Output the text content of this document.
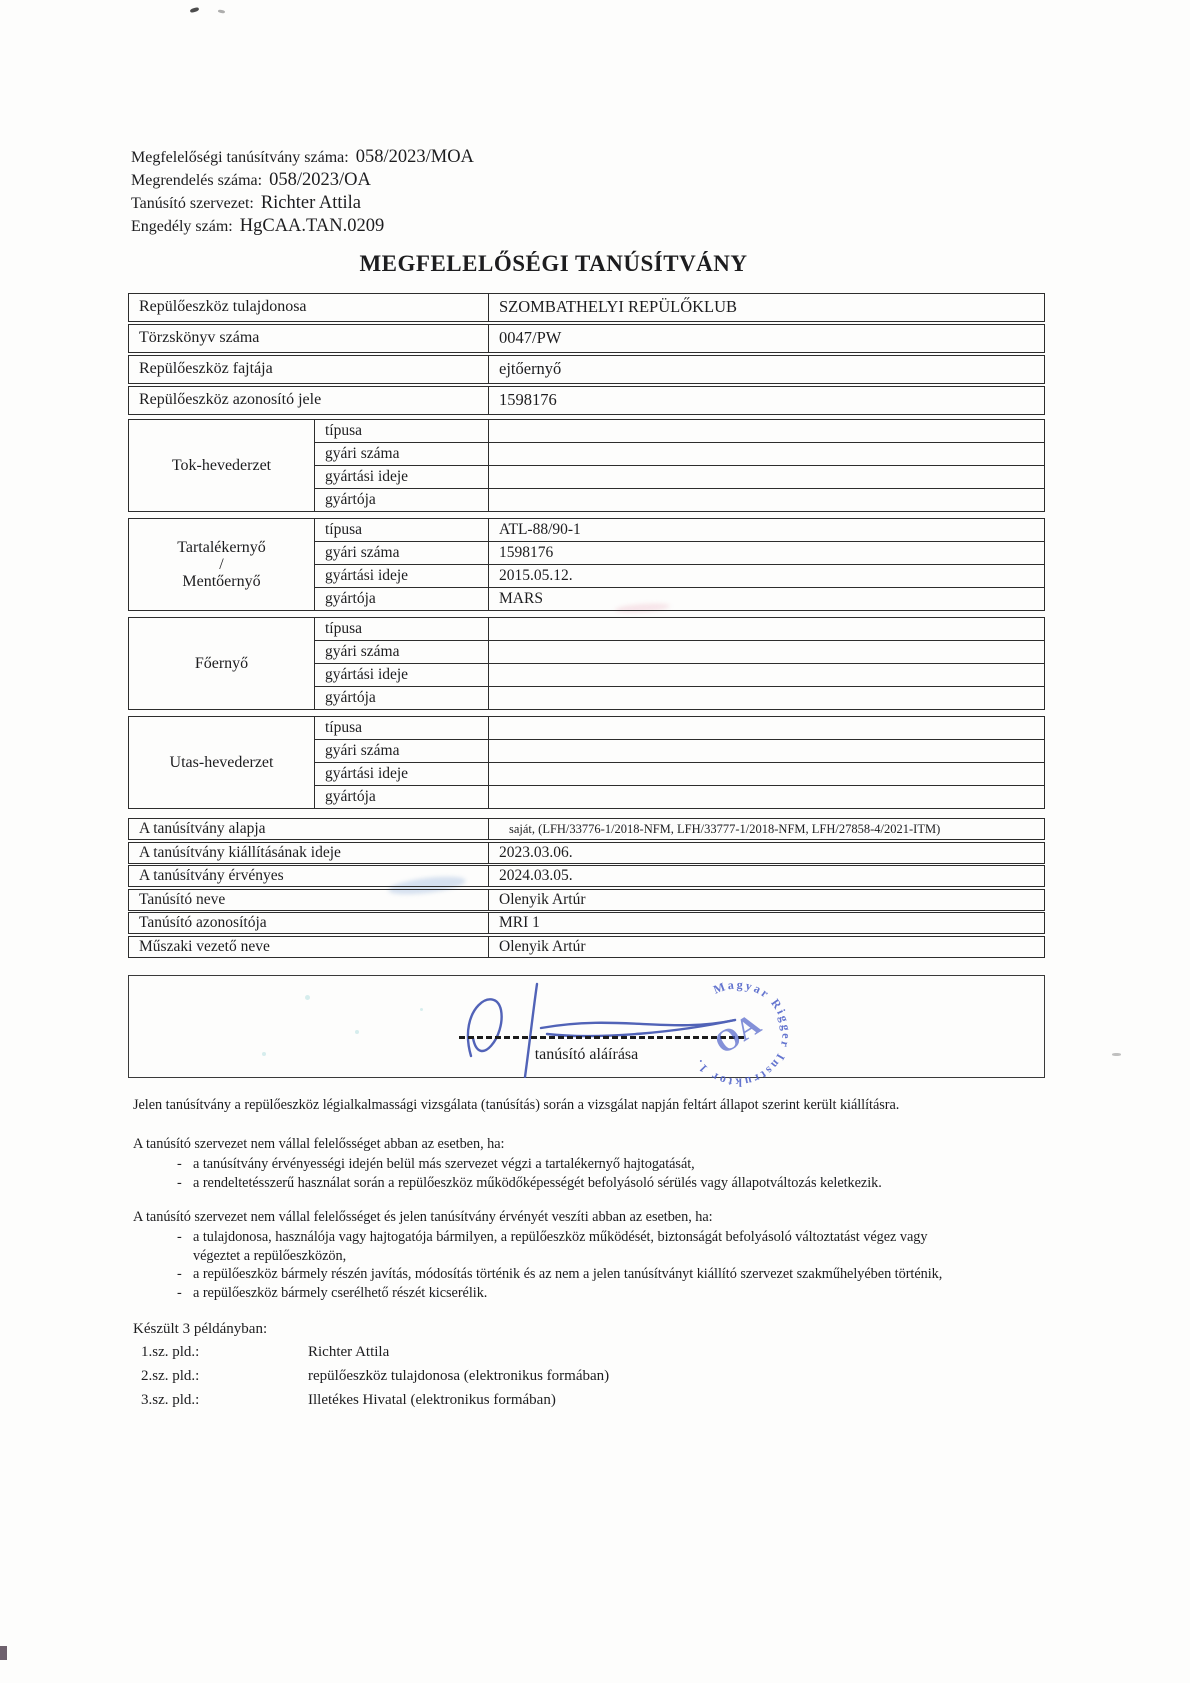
Megfelelőségi tanúsítvány száma: 058/2023/MOA
Megrendelés száma: 058/2023/OA
Tanúsító szervezet: Richter Attila
Engedély szám: HgCAA.TAN.0209
MEGFELELŐSÉGI TANÚSÍTVÁNY
Repülőeszköz tulajdonosa	SZOMBATHELYI REPÜLŐKLUB
Törzskönyv száma	0047/PW
Repülőeszköz fajtája	ejtőernyő
Repülőeszköz azonosító jele	1598176
Tok-hevederzet
típusa
gyári száma
gyártási ideje
gyártója
Tartalékernyő
/
Mentőernyő
típusa	ATL-88/90-1
gyári száma	1598176
gyártási ideje	2015.05.12.
gyártója	MARS
Főernyő
típusa
gyári száma
gyártási ideje
gyártója
Utas-hevederzet
típusa
gyári száma
gyártási ideje
gyártója
A tanúsítvány alapja	saját, (LFH/33776-1/2018-NFM, LFH/33777-1/2018-NFM, LFH/27858-4/2021-ITM)
A tanúsítvány kiállításának ideje	2023.03.06.
A tanúsítvány érvényes	2024.03.05.
Tanúsító neve	Olenyik Artúr
Tanúsító azonosítója	MRI 1
Műszaki vezető neve	Olenyik Artúr
tanúsító aláírása
Magyar Rigger Instruktor 1.
OA
Jelen tanúsítvány a repülőeszköz légialkalmassági vizsgálata (tanúsítás) során a vizsgálat napján feltárt állapot szerint került kiállításra.
A tanúsító szervezet nem vállal felelősséget abban az esetben, ha:
- a tanúsítvány érvényességi idején belül más szervezet végzi a tartalékernyő hajtogatását,
- a rendeltetésszerű használat során a repülőeszköz működőképességét befolyásoló sérülés vagy állapotváltozás keletkezik.
A tanúsító szervezet nem vállal felelősséget és jelen tanúsítvány érvényét veszíti abban az esetben, ha:
- a tulajdonosa, használója vagy hajtogatója bármilyen, a repülőeszköz működését, biztonságát befolyásoló változtatást végez vagy
végeztet a repülőeszközön,
- a repülőeszköz bármely részén javítás, módosítás történik és az nem a jelen tanúsítványt kiállító szervezet szakműhelyében történik,
- a repülőeszköz bármely cserélhető részét kicserélik.
Készült 3 példányban:
1.sz. pld.:	Richter Attila
2.sz. pld.:	repülőeszköz tulajdonosa (elektronikus formában)
3.sz. pld.:	Illetékes Hivatal (elektronikus formában)
